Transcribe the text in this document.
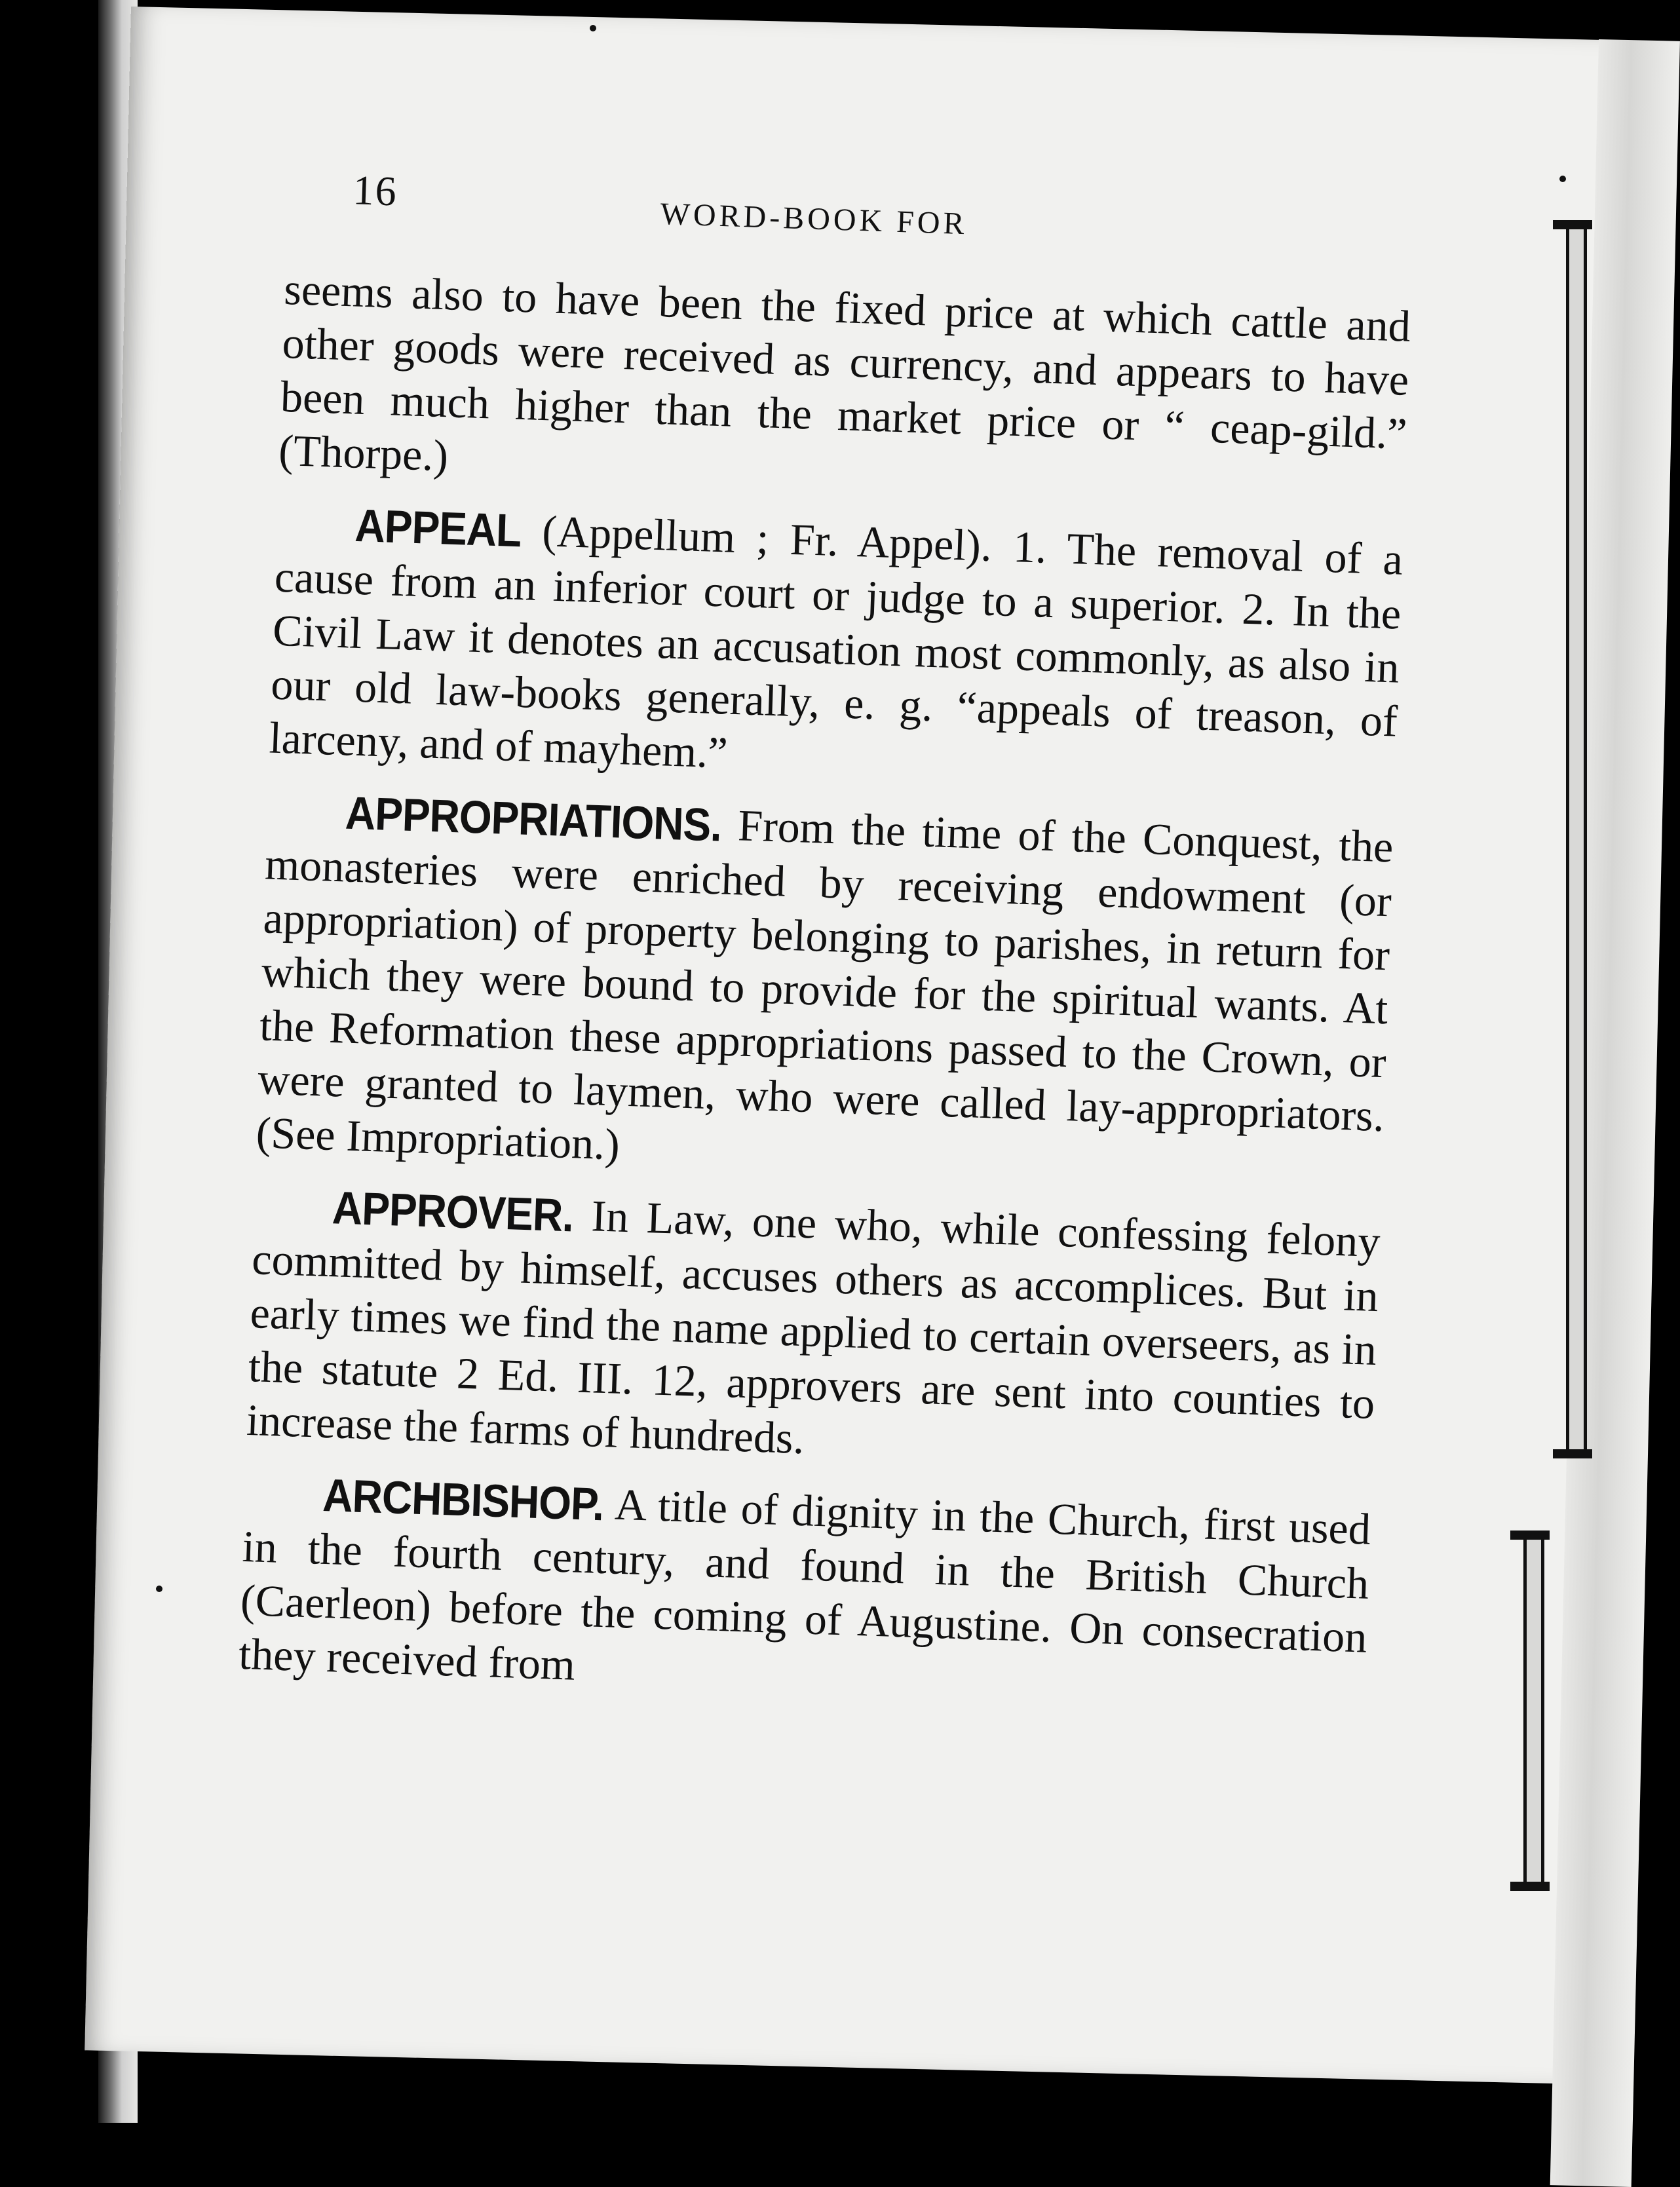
16
WORD-BOOK FOR

seems also to have been the fixed price at which cattle and other goods were received as currency, and appears to have been much higher than the market price or “ ceap-gild.” (Thorpe.)

APPEAL (Appellum ; Fr. Appel). 1. The removal of a cause from an inferior court or judge to a superior. 2. In the Civil Law it denotes an accusation most commonly, as also in our old law-books generally, e. g. “appeals of treason, of larceny, and of mayhem.”

APPROPRIATIONS. From the time of the Conquest, the monasteries were enriched by receiving endowment (or appropriation) of property belonging to parishes, in return for which they were bound to provide for the spiritual wants. At the Reformation these appropriations passed to the Crown, or were granted to laymen, who were called lay-appropriators. (See Impropriation.)

APPROVER. In Law, one who, while confessing felony committed by himself, accuses others as accomplices. But in early times we find the name applied to certain overseers, as in the statute 2 Ed. III. 12, approvers are sent into counties to increase the farms of hundreds.

ARCHBISHOP. A title of dignity in the Church, first used in the fourth century, and found in the British Church (Caerleon) before the coming of Augustine. On consecration they received from
